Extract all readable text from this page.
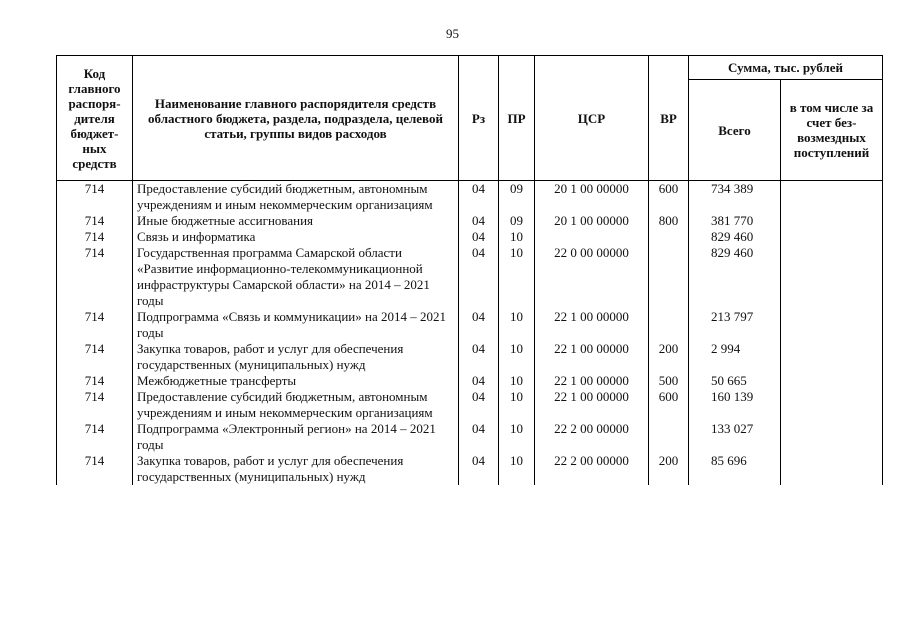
95
Код главного распоря-дителя бюджет-ных средств	Наименование главного распорядителя средств областного бюджета, раздела, подраздела, целевой статьи, группы видов расходов	Рз	ПР	ЦСР	ВР	Сумма, тыс. рублей	
						Всего	в том числе за счет без-возмездных поступлений
714	Предоставление субсидий бюджетным, автономным учреждениям и иным некоммерческим организациям	04	09	20 1 00 00000	600	734 389	
714	Иные бюджетные ассигнования	04	09	20 1 00 00000	800	381 770	
714	Связь и информатика	04	10			829 460	
714	Государственная программа Самарской области «Развитие информационно-телекоммуникационной инфраструктуры Самарской области» на 2014 – 2021 годы	04	10	22 0 00 00000		829 460	
714	Подпрограмма «Связь и коммуникации» на 2014 – 2021 годы	04	10	22 1 00 00000		213 797	
714	Закупка товаров, работ и услуг для обеспечения государственных (муниципальных) нужд	04	10	22 1 00 00000	200	2 994	
714	Межбюджетные трансферты	04	10	22 1 00 00000	500	50 665	
714	Предоставление субсидий бюджетным, автономным учреждениям и иным некоммерческим организациям	04	10	22 1 00 00000	600	160 139	
714	Подпрограмма «Электронный регион» на 2014 – 2021 годы	04	10	22 2 00 00000		133 027	
714	Закупка товаров, работ и услуг для обеспечения государственных (муниципальных) нужд	04	10	22 2 00 00000	200	85 696	
